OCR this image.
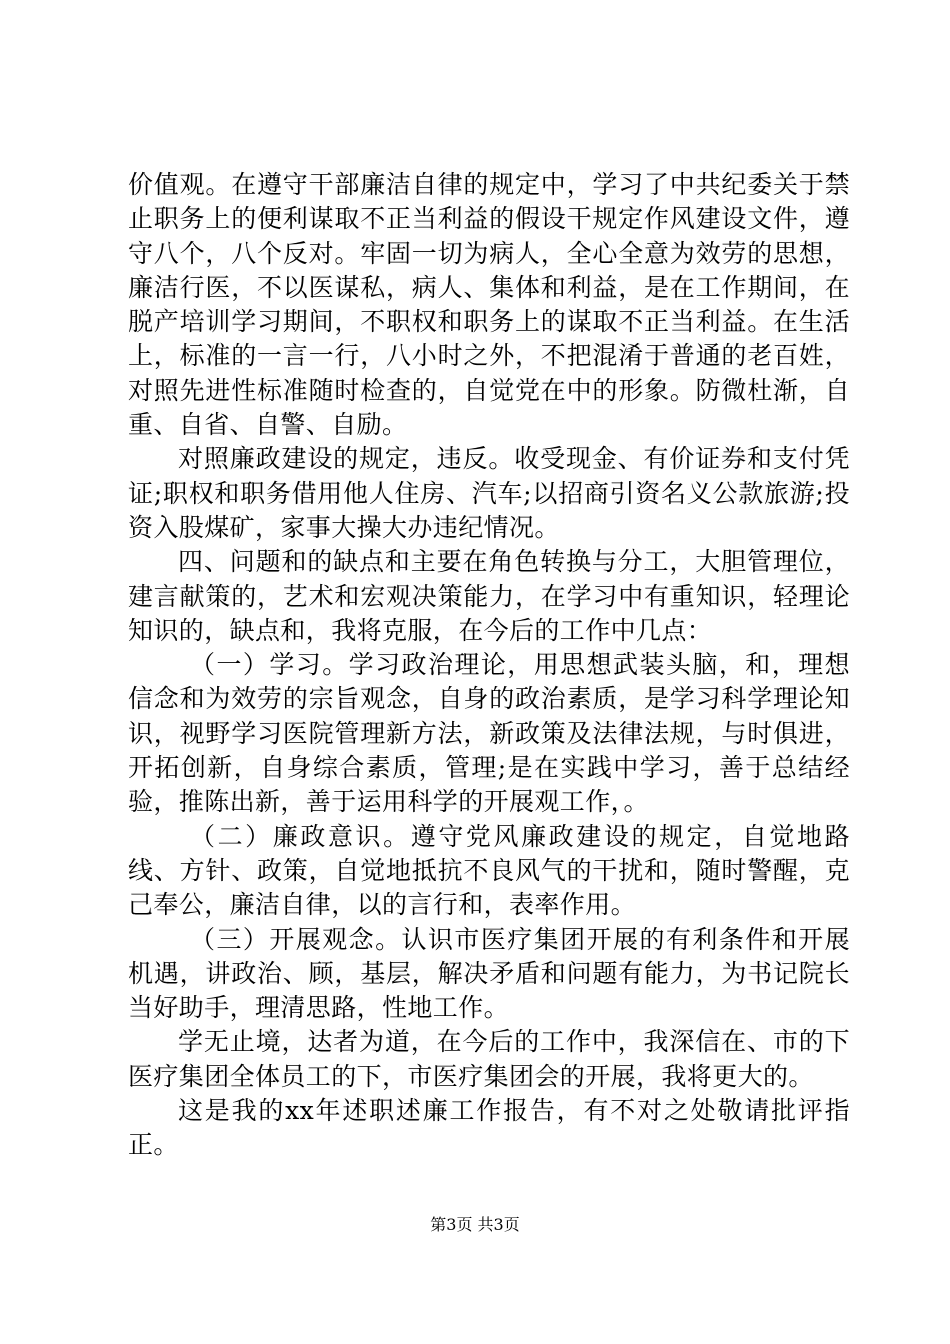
价值观。在遵守干部廉洁自律的规定中，学习了中共纪委关于禁止职务上的便利谋取不正当利益的假设干规定作风建设文件，遵守八个，八个反对。牢固一切为病人，全心全意为效劳的思想，廉洁行医，不以医谋私，病人、集体和利益，是在工作期间，在脱产培训学习期间，不职权和职务上的谋取不正当利益。在生活上，标准的一言一行，八小时之外，不把混淆于普通的老百姓，对照先进性标准随时检查的，自觉党在中的形象。防微杜渐，自重、自省、自警、自励。

对照廉政建设的规定，违反。收受现金、有价证券和支付凭证;职权和职务借用他人住房、汽车;以招商引资名义公款旅游;投资入股煤矿，家事大操大办违纪情况。

四、问题和的缺点和主要在角色转换与分工，大胆管理位，建言献策的，艺术和宏观决策能力，在学习中有重知识，轻理论知识的，缺点和，我将克服，在今后的工作中几点：

（一）学习。学习政治理论，用思想武装头脑，和，理想信念和为效劳的宗旨观念，自身的政治素质，是学习科学理论知识，视野学习医院管理新方法，新政策及法律法规，与时俱进，开拓创新，自身综合素质，管理;是在实践中学习，善于总结经验，推陈出新，善于运用科学的开展观工作，。

（二）廉政意识。遵守党风廉政建设的规定，自觉地路线、方针、政策，自觉地抵抗不良风气的干扰和，随时警醒，克己奉公，廉洁自律，以的言行和，表率作用。

（三）开展观念。认识市医疗集团开展的有利条件和开展机遇，讲政治、顾，基层，解决矛盾和问题有能力，为书记院长当好助手，理清思路，性地工作。

学无止境，达者为道，在今后的工作中，我深信在、市的下医疗集团全体员工的下，市医疗集团会的开展，我将更大的。

这是我的xx年述职述廉工作报告，有不对之处敬请批评指正。

第3页 共3页
